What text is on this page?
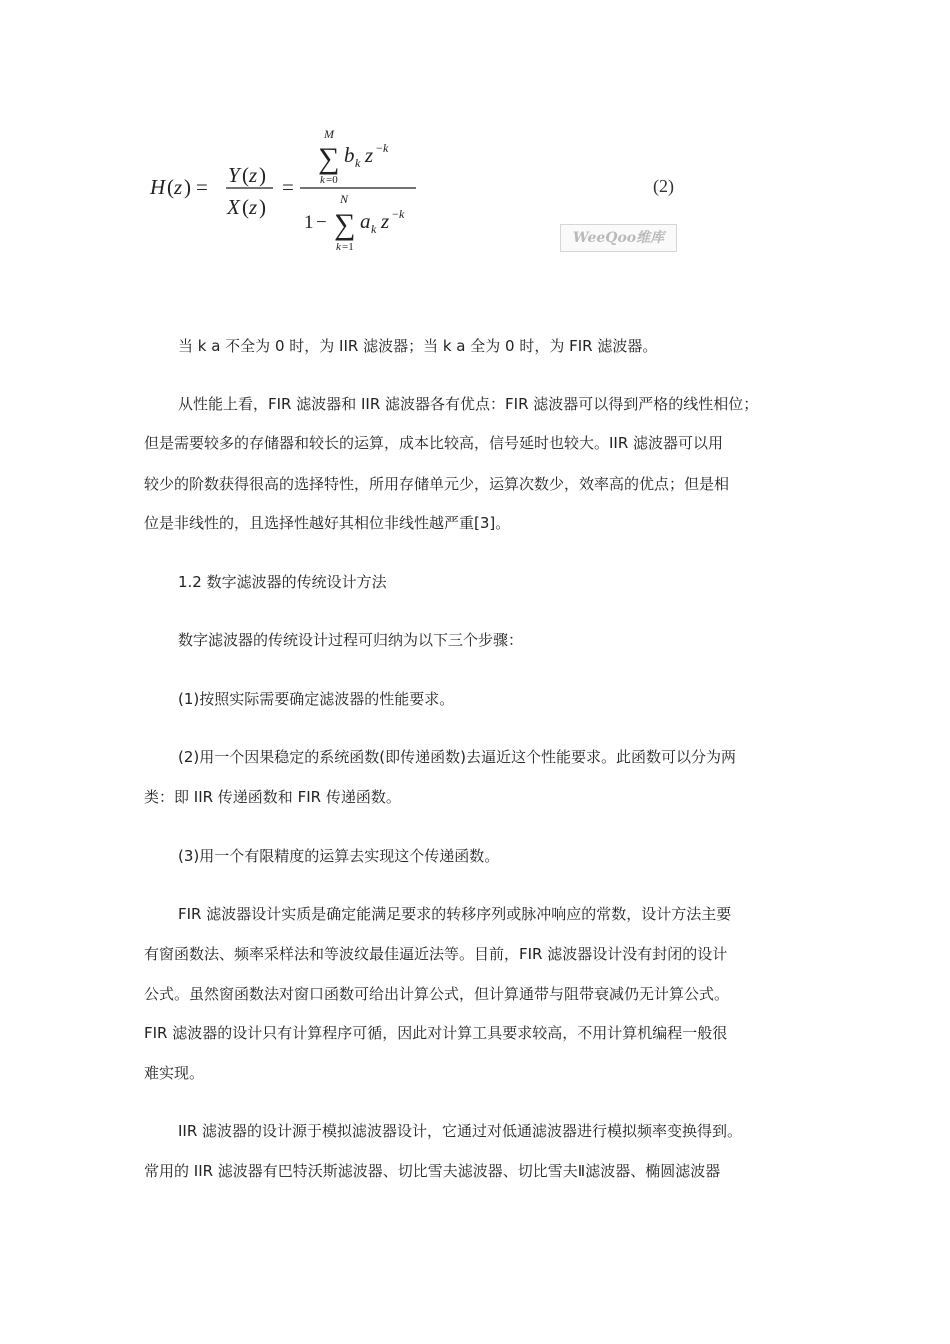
H ( z ) = Y ( z )
X ( z )
=
M
∑
k =0
b k z − k
1 −
N
∑
k =1
a k z − k
(2)
WeeQoo维库
当 k a 不全为 0 时，为 IIR 滤波器；当 k a 全为 0 时，为 FIR 滤波器。
从性能上看，FIR 滤波器和 IIR 滤波器各有优点：FIR 滤波器可以得到严格的线性相位；
但是需要较多的存储器和较长的运算，成本比较高，信号延时也较大。IIR 滤波器可以用
较少的阶数获得很高的选择特性，所用存储单元少，运算次数少，效率高的优点；但是相
位是非线性的，且选择性越好其相位非线性越严重[3]。
1.2 数字滤波器的传统设计方法
数字滤波器的传统设计过程可归纳为以下三个步骤：
(1)按照实际需要确定滤波器的性能要求。
(2)用一个因果稳定的系统函数(即传递函数)去逼近这个性能要求。此函数可以分为两
类：即 IIR 传递函数和 FIR 传递函数。
(3)用一个有限精度的运算去实现这个传递函数。
FIR 滤波器设计实质是确定能满足要求的转移序列或脉冲响应的常数，设计方法主要
有窗函数法、频率采样法和等波纹最佳逼近法等。目前，FIR 滤波器设计没有封闭的设计
公式。虽然窗函数法对窗口函数可给出计算公式，但计算通带与阻带衰减仍无计算公式。
FIR 滤波器的设计只有计算程序可循，因此对计算工具要求较高，不用计算机编程一般很
难实现。
IIR 滤波器的设计源于模拟滤波器设计，它通过对低通滤波器进行模拟频率变换得到。
常用的 IIR 滤波器有巴特沃斯滤波器、切比雪夫滤波器、切比雪夫Ⅱ滤波器、椭圆滤波器
